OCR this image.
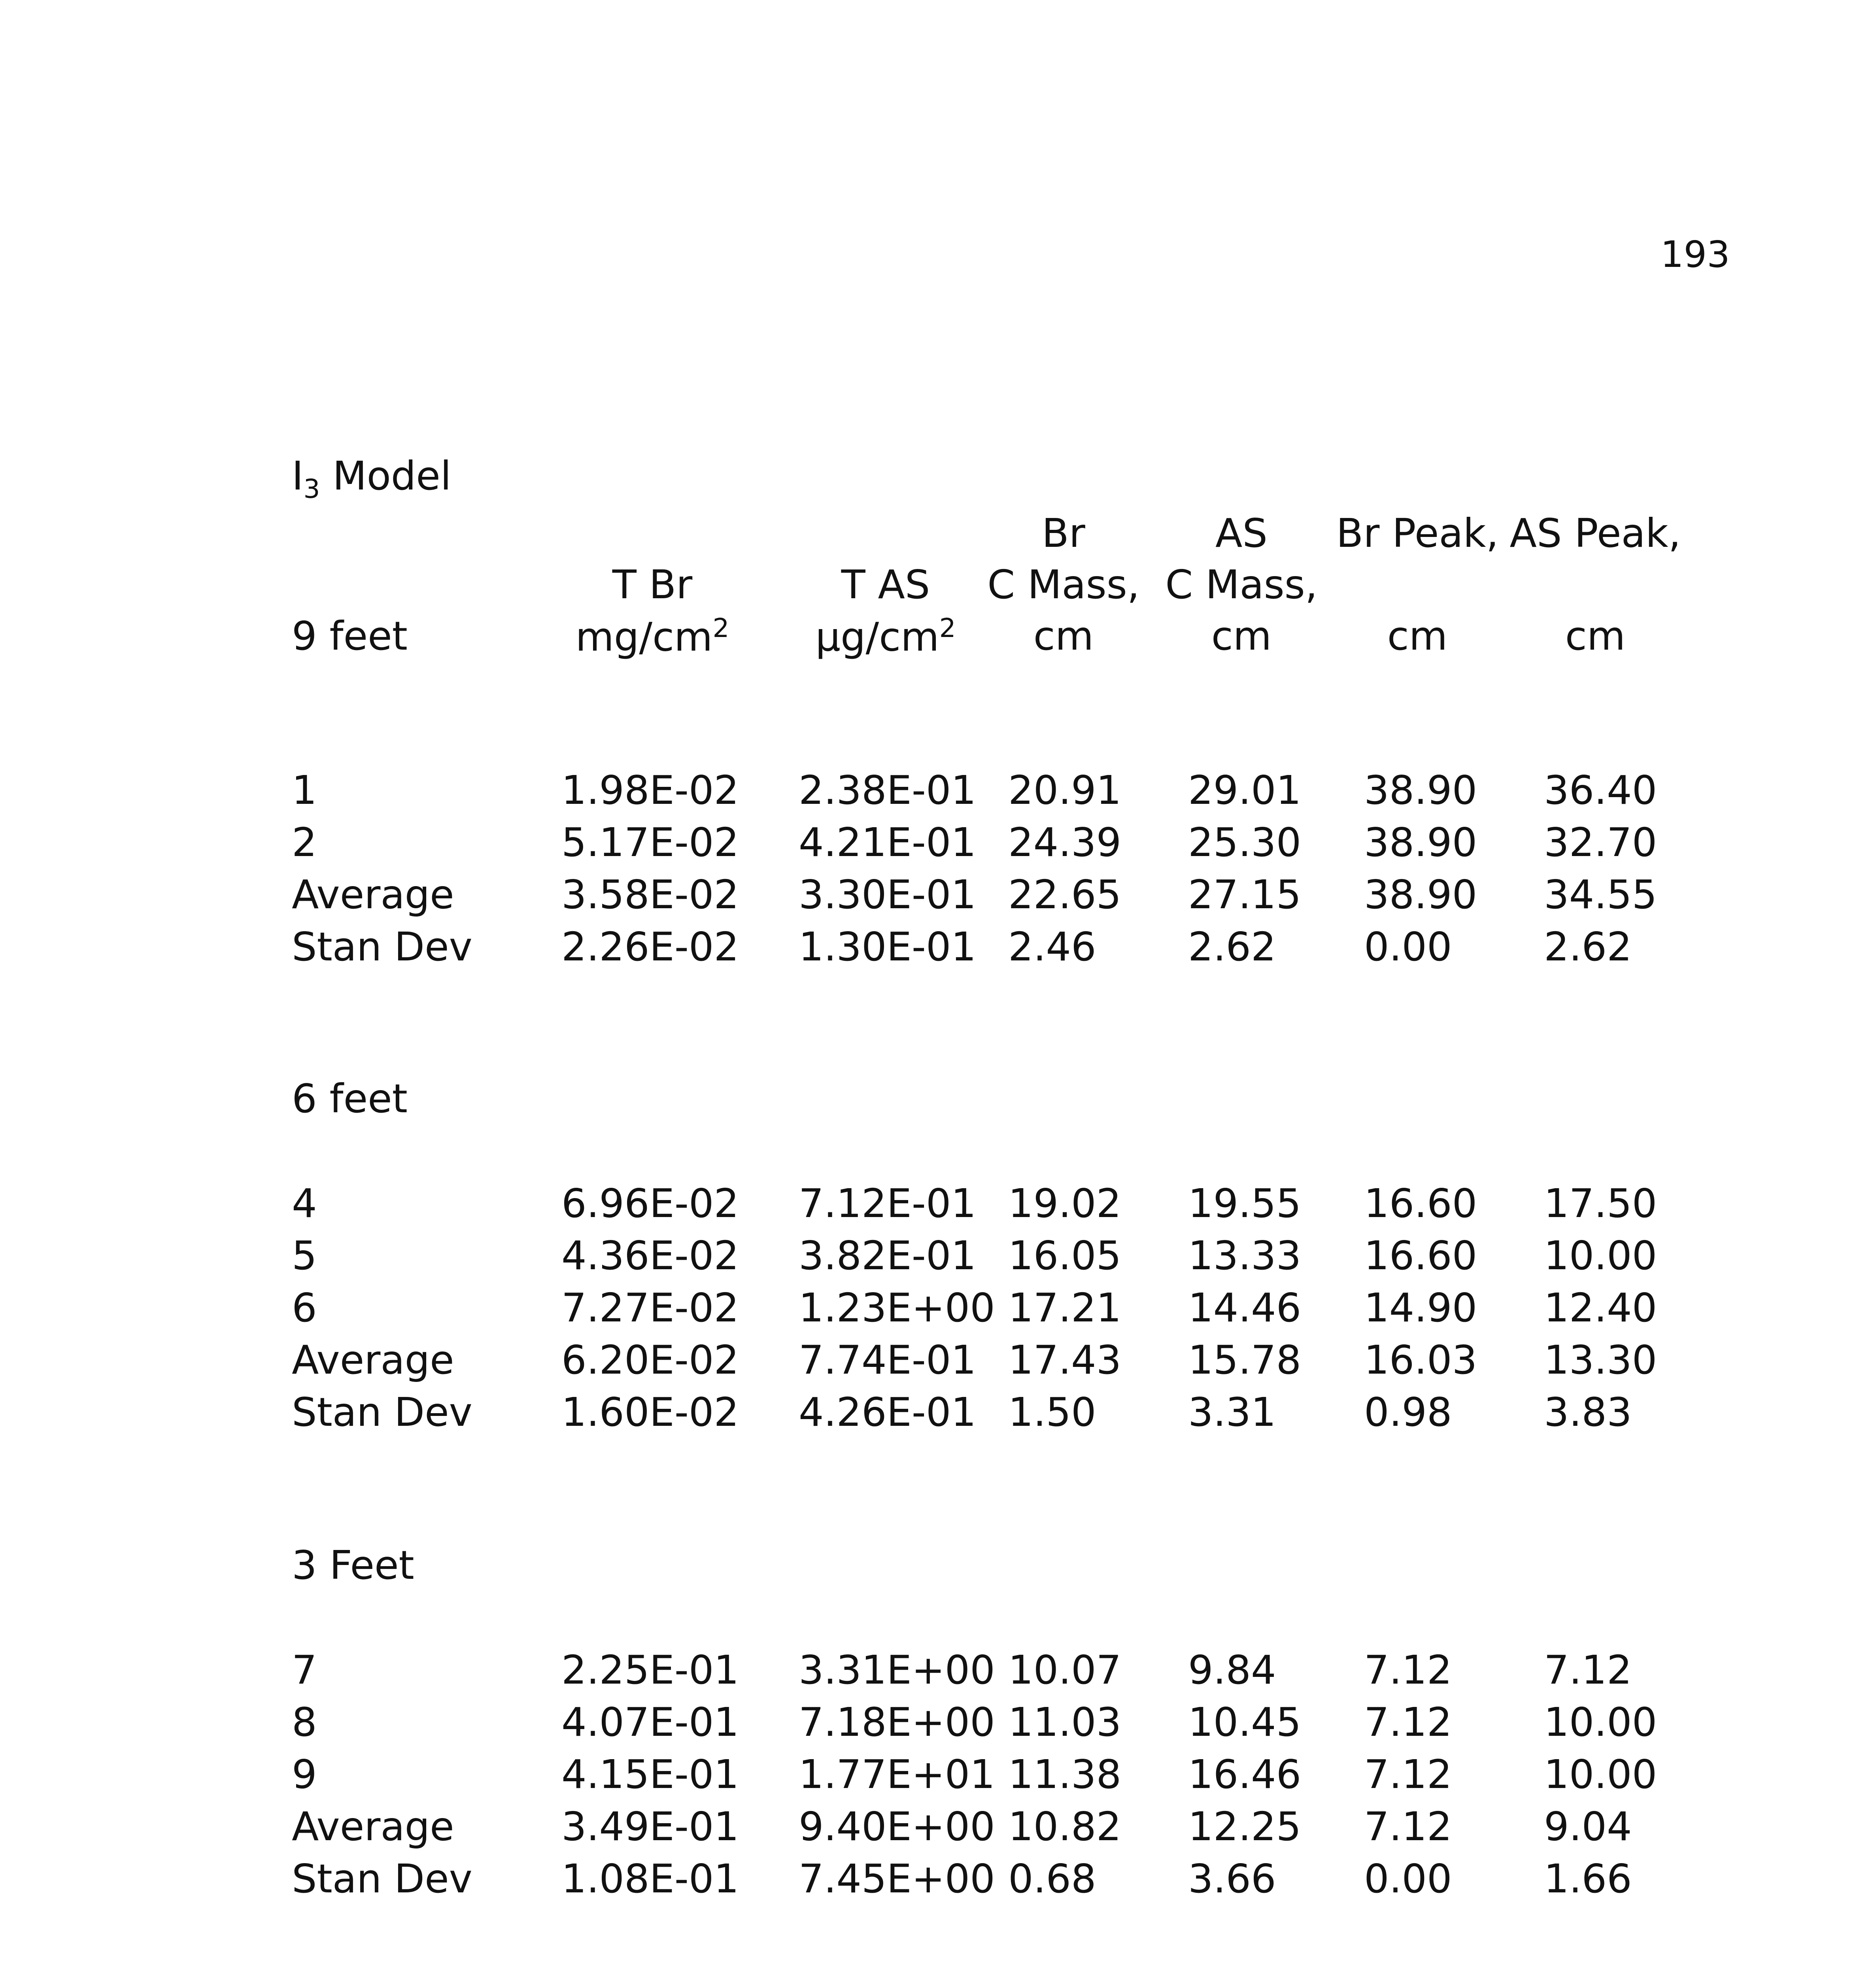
193
$I_3$ Model
9 feet
T Br
$mg/cm^2$
T AS
$\mu g/cm^2$
Br
C Mass,
cm
AS
C Mass,
cm
Br Peak,
cm
AS Peak,
cm
1	1.98E-02 2.38E-01 20.91 29.01 38.90 36.40
2	5.17E-02 4.21E-01 24.39 25.30 38.90 32.70
Average	3.58E-02 3.30E-01 22.65 27.15 38.90 34.55
Stan Dev 2.26E-02 1.30E-01 2.46 2.62 0.00 2.62
6 feet
4	6.96E-02 7.12E-01 19.02 19.55 16.60 17.50
5	4.36E-02 3.82E-01 16.05 13.33 16.60 10.00
6	7.27E-02 1.23E+00 17.21 14.46 14.90 12.40
Average	6.20E-02 7.74E-01 17.43 15.78 16.03 13.30
Stan Dev 1.60E-02 4.26E-01 1.50 3.31 0.98 3.83
3 Feet
7	2.25E-01 3.31E+00 10.07 9.84 7.12 7.12
8	4.07E-01 7.18E+00 11.03 10.45 7.12 10.00
9	4.15E-01 1.77E+01 11.38 16.46 7.12 10.00
Average	3.49E-01 9.40E+00 10.82 12.25 7.12 9.04
Stan Dev 1.08E-01 7.45E+00 0.68 3.66 0.00 1.66
